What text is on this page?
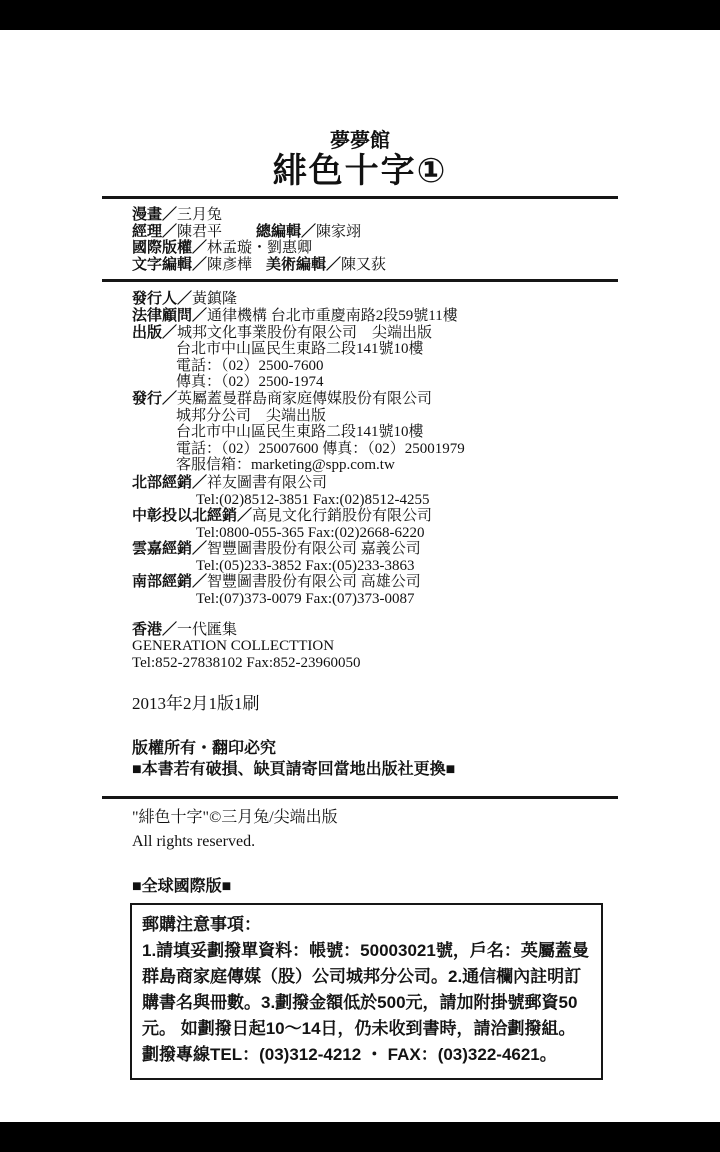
夢夢館
緋色十字①
漫畫／三月兔
經理／陳君平 總編輯／陳家翊
國際版權／林孟璇・劉惠卿
文字編輯／陳彥樺 美術編輯／陳又荻
發行人／黃鎮隆
法律顧問／通律機構 台北市重慶南路2段59號11樓
出版／城邦文化事業股份有限公司　尖端出版
台北市中山區民生東路二段141號10樓
電話：（02）2500-7600
傳真：（02）2500-1974
發行／英屬蓋曼群島商家庭傳媒股份有限公司
城邦分公司　尖端出版
台北市中山區民生東路二段141號10樓
電話：（02）25007600 傳真：（02）25001979
客服信箱：marketing@spp.com.tw
北部經銷／祥友圖書有限公司
Tel:(02)8512-3851 Fax:(02)8512-4255
中彰投以北經銷／高見文化行銷股份有限公司
Tel:0800-055-365 Fax:(02)2668-6220
雲嘉經銷／智豐圖書股份有限公司 嘉義公司
Tel:(05)233-3852 Fax:(05)233-3863
南部經銷／智豐圖書股份有限公司 高雄公司
Tel:(07)373-0079 Fax:(07)373-0087
香港／一代匯集
GENERATION COLLECTTION
Tel:852-27838102 Fax:852-23960050
2013年2月1版1刷
版權所有・翻印必究
■本書若有破損、缺頁請寄回當地出版社更換■
"緋色十字"©三月兔/尖端出版
All rights reserved.
■全球國際版■
郵購注意事項：
1.請填妥劃撥單資料：帳號：50003021號，戶名：英屬蓋曼群島商家庭傳媒（股）公司城邦分公司。2.通信欄內註明訂購書名與冊數。3.劃撥金額低於500元，請加附掛號郵資50元。 如劃撥日起10～14日，仍未收到書時，請洽劃撥組。劃撥專線TEL：(03)312-4212 ・ FAX：(03)322-4621。
